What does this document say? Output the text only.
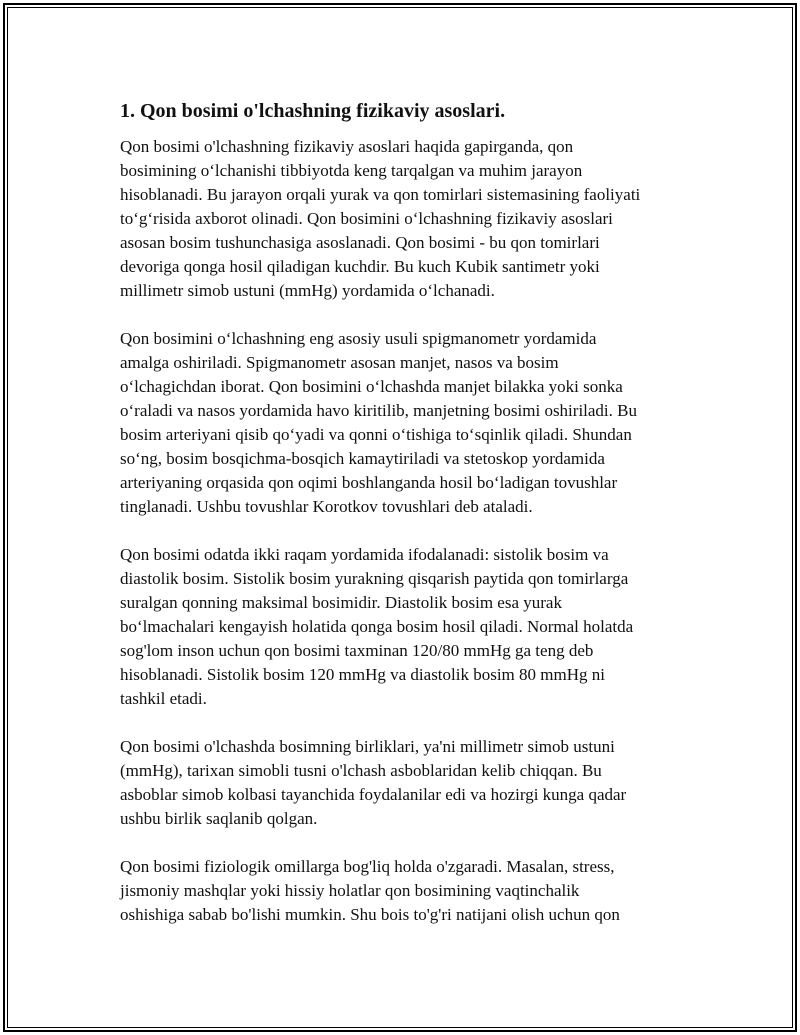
1. Qon bosimi o'lchashning fizikaviy asoslari.

Qon bosimi o'lchashning fizikaviy asoslari haqida gapirganda, qon
bosimining o‘lchanishi tibbiyotda keng tarqalgan va muhim jarayon
hisoblanadi. Bu jarayon orqali yurak va qon tomirlari sistemasining faoliyati
to‘g‘risida axborot olinadi. Qon bosimini o‘lchashning fizikaviy asoslari
asosan bosim tushunchasiga asoslanadi. Qon bosimi - bu qon tomirlari
devoriga qonga hosil qiladigan kuchdir. Bu kuch Kubik santimetr yoki
millimetr simob ustuni (mmHg) yordamida o‘lchanadi.

Qon bosimini o‘lchashning eng asosiy usuli spigmanometr yordamida
amalga oshiriladi. Spigmanometr asosan manjet, nasos va bosim
o‘lchagichdan iborat. Qon bosimini o‘lchashda manjet bilakka yoki sonka
o‘raladi va nasos yordamida havo kiritilib, manjetning bosimi oshiriladi. Bu
bosim arteriyani qisib qo‘yadi va qonni o‘tishiga to‘sqinlik qiladi. Shundan
so‘ng, bosim bosqichma-bosqich kamaytiriladi va stetoskop yordamida
arteriyaning orqasida qon oqimi boshlanganda hosil bo‘ladigan tovushlar
tinglanadi. Ushbu tovushlar Korotkov tovushlari deb ataladi.

Qon bosimi odatda ikki raqam yordamida ifodalanadi: sistolik bosim va
diastolik bosim. Sistolik bosim yurakning qisqarish paytida qon tomirlarga
suralgan qonning maksimal bosimidir. Diastolik bosim esa yurak
bo‘lmachalari kengayish holatida qonga bosim hosil qiladi. Normal holatda
sog'lom inson uchun qon bosimi taxminan 120/80 mmHg ga teng deb
hisoblanadi. Sistolik bosim 120 mmHg va diastolik bosim 80 mmHg ni
tashkil etadi.

Qon bosimi o'lchashda bosimning birliklari, ya'ni millimetr simob ustuni
(mmHg), tarixan simobli tusni o'lchash asboblaridan kelib chiqqan. Bu
asboblar simob kolbasi tayanchida foydalanilar edi va hozirgi kunga qadar
ushbu birlik saqlanib qolgan.

Qon bosimi fiziologik omillarga bog'liq holda o'zgaradi. Masalan, stress,
jismoniy mashqlar yoki hissiy holatlar qon bosimining vaqtinchalik
oshishiga sabab bo'lishi mumkin. Shu bois to'g'ri natijani olish uchun qon
